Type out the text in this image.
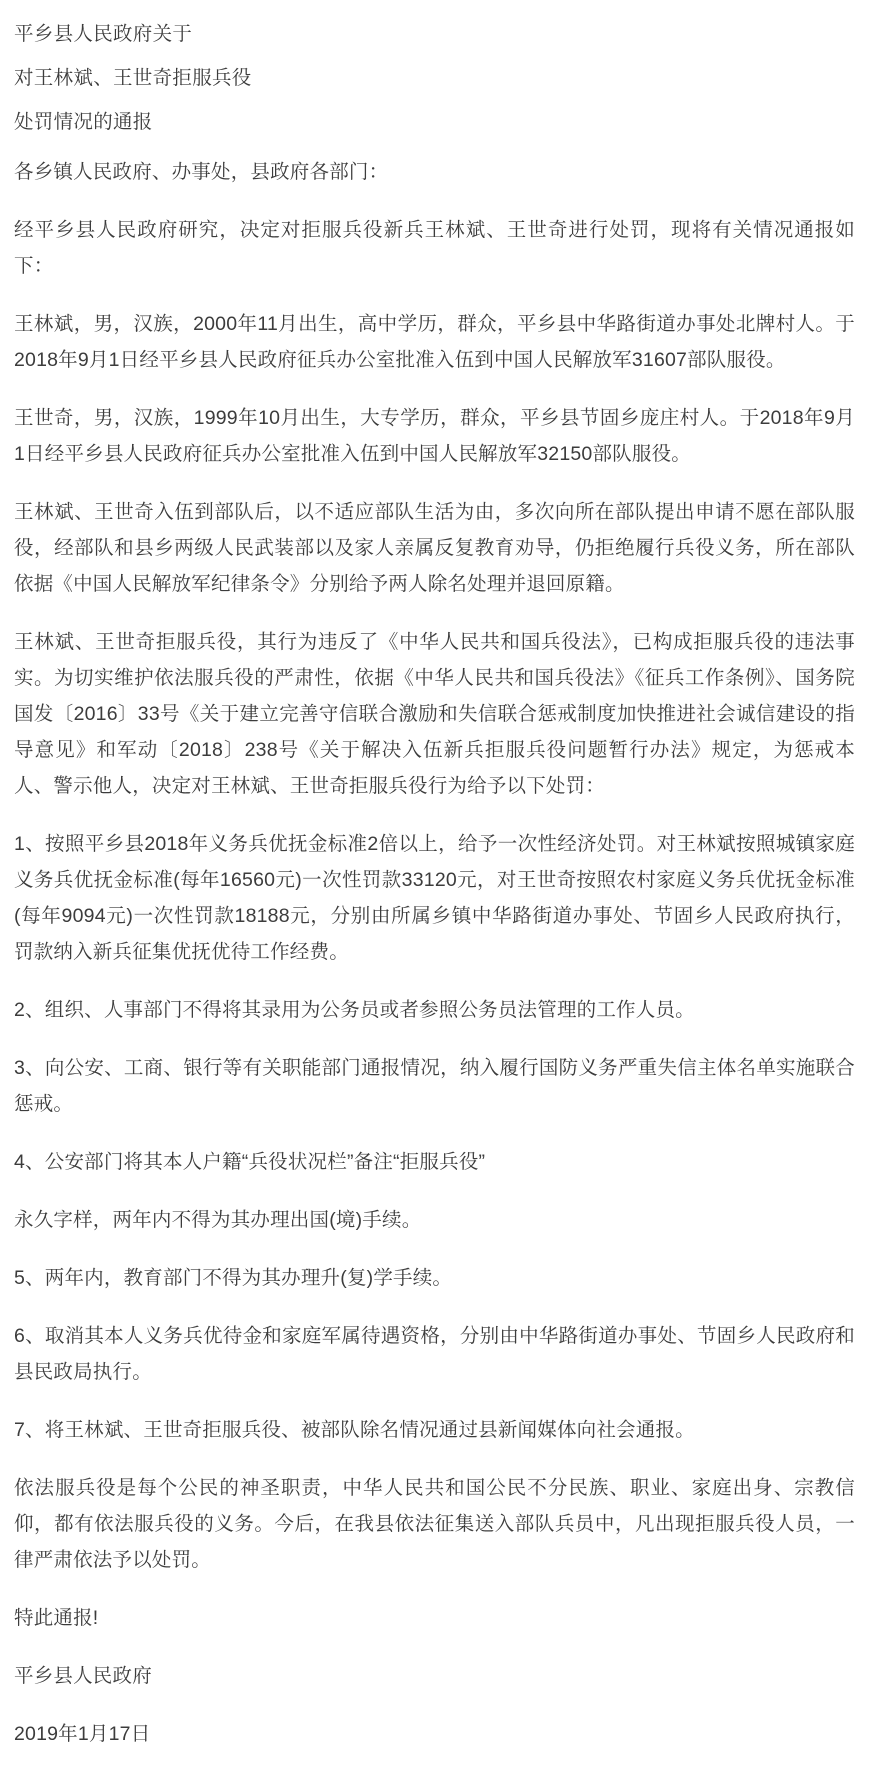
平乡县人民政府关于
对王林斌、王世奇拒服兵役
处罚情况的通报

各乡镇人民政府、办事处，县政府各部门：

经平乡县人民政府研究，决定对拒服兵役新兵王林斌、王世奇进行处罚，现将有关情况通报如下：

王林斌，男，汉族，2000年11月出生，高中学历，群众，平乡县中华路街道办事处北牌村人。于2018年9月1日经平乡县人民政府征兵办公室批准入伍到中国人民解放军31607部队服役。

王世奇，男，汉族，1999年10月出生，大专学历，群众，平乡县节固乡庞庄村人。于2018年9月1日经平乡县人民政府征兵办公室批准入伍到中国人民解放军32150部队服役。

王林斌、王世奇入伍到部队后，以不适应部队生活为由，多次向所在部队提出申请不愿在部队服役，经部队和县乡两级人民武装部以及家人亲属反复教育劝导，仍拒绝履行兵役义务，所在部队依据《中国人民解放军纪律条令》分别给予两人除名处理并退回原籍。

王林斌、王世奇拒服兵役，其行为违反了《中华人民共和国兵役法》，已构成拒服兵役的违法事实。为切实维护依法服兵役的严肃性，依据《中华人民共和国兵役法》《征兵工作条例》、国务院国发〔2016〕33号《关于建立完善守信联合激励和失信联合惩戒制度加快推进社会诚信建设的指导意见》和军动〔2018〕238号《关于解决入伍新兵拒服兵役问题暂行办法》规定，为惩戒本人、警示他人，决定对王林斌、王世奇拒服兵役行为给予以下处罚：

1、按照平乡县2018年义务兵优抚金标准2倍以上，给予一次性经济处罚。对王林斌按照城镇家庭义务兵优抚金标准(每年16560元)一次性罚款33120元，对王世奇按照农村家庭义务兵优抚金标准(每年9094元)一次性罚款18188元，分别由所属乡镇中华路街道办事处、节固乡人民政府执行，罚款纳入新兵征集优抚优待工作经费。

2、组织、人事部门不得将其录用为公务员或者参照公务员法管理的工作人员。

3、向公安、工商、银行等有关职能部门通报情况，纳入履行国防义务严重失信主体名单实施联合惩戒。

4、公安部门将其本人户籍“兵役状况栏”备注“拒服兵役”

永久字样，两年内不得为其办理出国(境)手续。

5、两年内，教育部门不得为其办理升(复)学手续。

6、取消其本人义务兵优待金和家庭军属待遇资格，分别由中华路街道办事处、节固乡人民政府和县民政局执行。

7、将王林斌、王世奇拒服兵役、被部队除名情况通过县新闻媒体向社会通报。

依法服兵役是每个公民的神圣职责，中华人民共和国公民不分民族、职业、家庭出身、宗教信仰，都有依法服兵役的义务。今后，在我县依法征集送入部队兵员中，凡出现拒服兵役人员，一律严肃依法予以处罚。

特此通报!

平乡县人民政府

2019年1月17日
